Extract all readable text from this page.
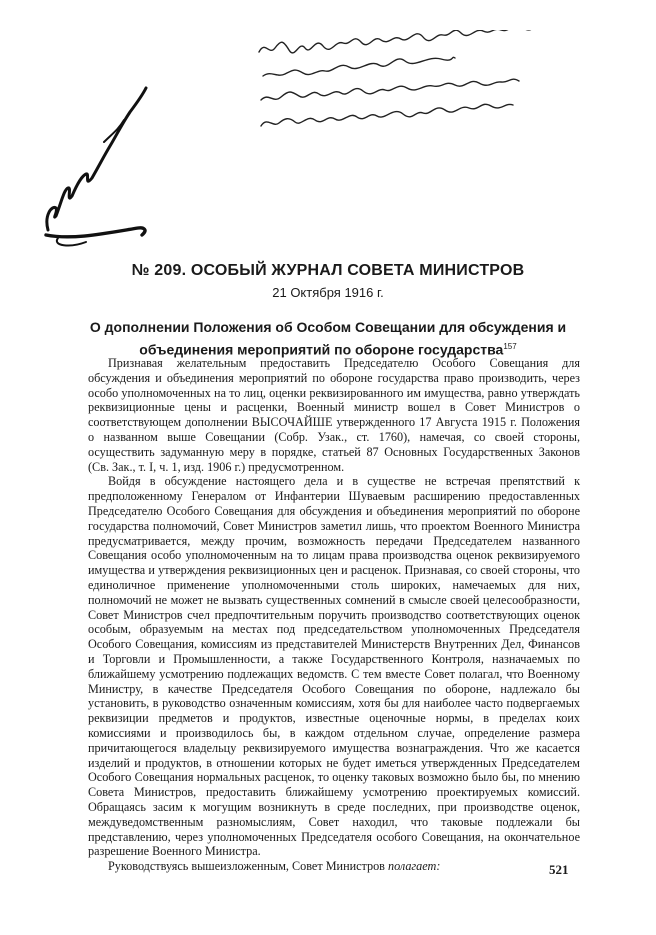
№ 209. ОСОБЫЙ ЖУРНАЛ СОВЕТА МИНИСТРОВ
21 Октября 1916 г.
О дополнении Положения об Особом Совещании для обсуждения и
объединения мероприятий по обороне государства$^{157}$

Признавая желательным предоставить Председателю Особого Совещания для обсуждения и объединения мероприятий по обороне государства право производить, через особо уполномоченных на то лиц, оценки реквизированного им имущества, равно утверждать реквизиционные цены и расценки, Военный министр вошел в Совет Министров о соответствующем дополнении ВЫСОЧАЙШЕ утвержденного 17 Августа 1915 г. Положения о названном выше Совещании (Собр. Узак., ст. 1760), намечая, со своей стороны, осуществить задуманную меру в порядке, статьей 87 Основных Государственных Законов (Св. Зак., т. I, ч. 1, изд. 1906 г.) предусмотренном.

Войдя в обсуждение настоящего дела и в существе не встречая препятствий к предположенному Генералом от Инфантерии Шуваевым расширению предоставленных Председателю Особого Совещания для обсуждения и объединения мероприятий по обороне государства полномочий, Совет Министров заметил лишь, что проектом Военного Министра предусматривается, между прочим, возможность передачи Председателем названного Совещания особо уполномоченным на то лицам права производства оценок реквизируемого имущества и утверждения реквизиционных цен и расценок. Признавая, со своей стороны, что единоличное применение уполномоченными столь широких, намечаемых для них, полномочий не может не вызвать существенных сомнений в смысле своей целесообразности, Совет Министров счел предпочтительным поручить производство соответствующих оценок особым, образуемым на местах под председательством уполномоченных Председателя Особого Совещания, комиссиям из представителей Министерств Внутренних Дел, Финансов и Торговли и Промышленности, а также Государственного Контроля, назначаемых по ближайшему усмотрению подлежащих ведомств. С тем вместе Совет полагал, что Военному Министру, в качестве Председателя Особого Совещания по обороне, надлежало бы установить, в руководство означенным комиссиям, хотя бы для наиболее часто подвергаемых реквизиции предметов и продуктов, известные оценочные нормы, в пределах коих комиссиями и производилось бы, в каждом отдельном случае, определение размера причитающегося владельцу реквизируемого имущества вознаграждения. Что же касается изделий и продуктов, в отношении которых не будет иметься утвержденных Председателем Особого Совещания нормальных расценок, то оценку таковых возможно было бы, по мнению Совета Министров, предоставить ближайшему усмотрению проектируемых комиссий. Обращаясь засим к могущим возникнуть в среде последних, при производстве оценок, междуведомственным разномыслиям, Совет находил, что таковые подлежали бы представлению, через уполномоченных Председателя особого Совещания, на окончательное разрешение Военного Министра.

Руководствуясь вышеизложенным, Совет Министров полагает:	521
